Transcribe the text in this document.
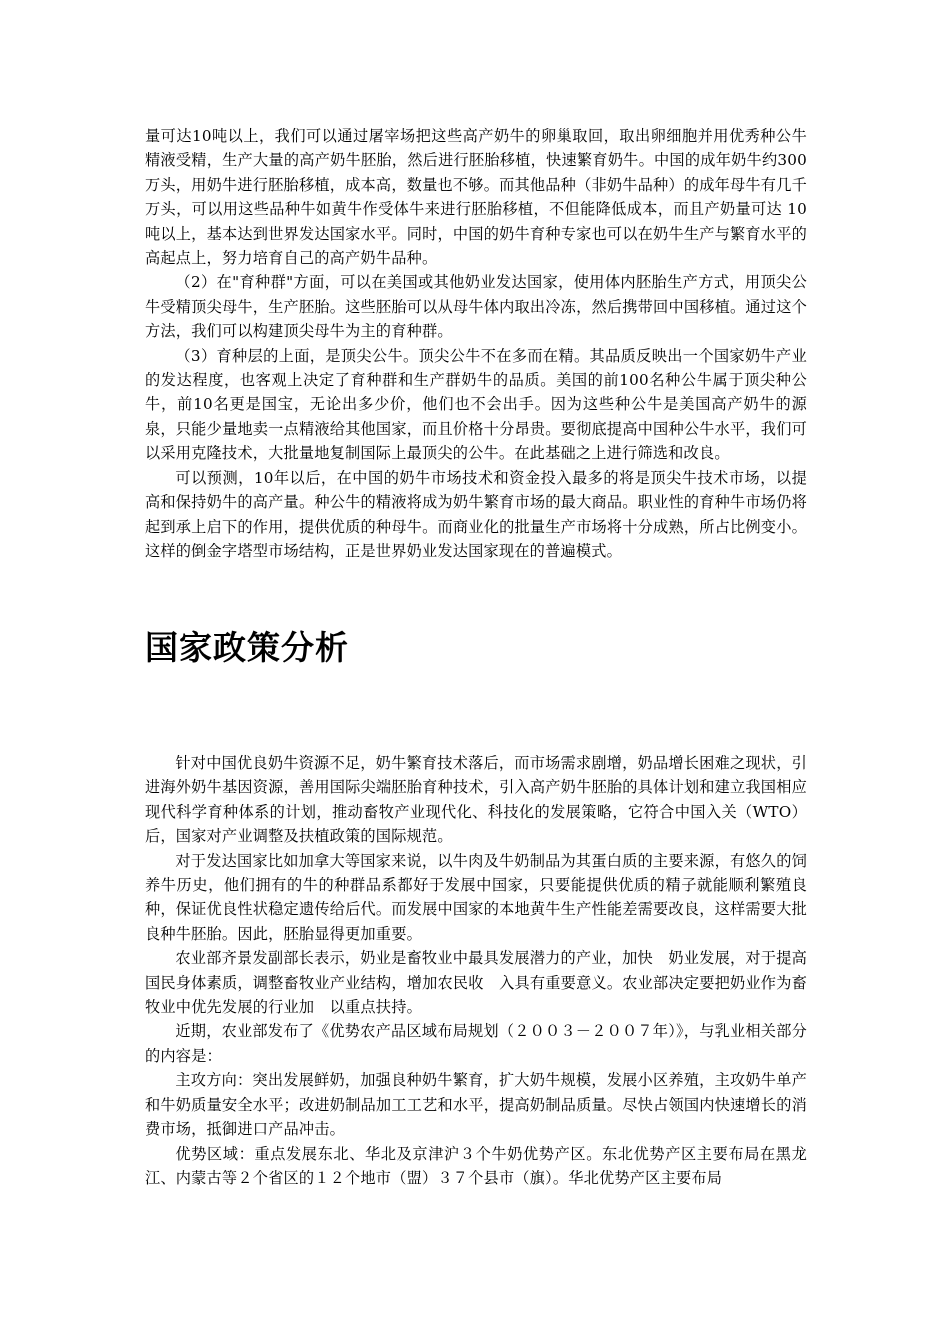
量可达10吨以上，我们可以通过屠宰场把这些高产奶牛的卵巢取回，取出卵细胞并用优秀种公牛精液受精，生产大量的高产奶牛胚胎，然后进行胚胎移植，快速繁育奶牛。中国的成年奶牛约300万头，用奶牛进行胚胎移植，成本高，数量也不够。而其他品种（非奶牛品种）的成年母牛有几千万头，可以用这些品种牛如黄牛作受体牛来进行胚胎移植，不但能降低成本，而且产奶量可达 10吨以上，基本达到世界发达国家水平。同时，中国的奶牛育种专家也可以在奶牛生产与繁育水平的高起点上，努力培育自己的高产奶牛品种。

（2）在"育种群"方面，可以在美国或其他奶业发达国家，使用体内胚胎生产方式，用顶尖公牛受精顶尖母牛，生产胚胎。这些胚胎可以从母牛体内取出冷冻，然后携带回中国移植。通过这个方法，我们可以构建顶尖母牛为主的育种群。

（3）育种层的上面，是顶尖公牛。顶尖公牛不在多而在精。其品质反映出一个国家奶牛产业的发达程度，也客观上决定了育种群和生产群奶牛的品质。美国的前100名种公牛属于顶尖种公牛，前10名更是国宝，无论出多少价，他们也不会出手。因为这些种公牛是美国高产奶牛的源泉，只能少量地卖一点精液给其他国家，而且价格十分昂贵。要彻底提高中国种公牛水平，我们可以采用克隆技术，大批量地复制国际上最顶尖的公牛。在此基础之上进行筛选和改良。

可以预测，10年以后，在中国的奶牛市场技术和资金投入最多的将是顶尖牛技术市场，以提高和保持奶牛的高产量。种公牛的精液将成为奶牛繁育市场的最大商品。职业性的育种牛市场仍将起到承上启下的作用，提供优质的种母牛。而商业化的批量生产市场将十分成熟，所占比例变小。这样的倒金字塔型市场结构，正是世界奶业发达国家现在的普遍模式。

国家政策分析

针对中国优良奶牛资源不足，奶牛繁育技术落后，而市场需求剧增，奶品增长困难之现状，引进海外奶牛基因资源，善用国际尖端胚胎育种技术，引入高产奶牛胚胎的具体计划和建立我国相应现代科学育种体系的计划，推动畜牧产业现代化、科技化的发展策略，它符合中国入关（WTO）后，国家对产业调整及扶植政策的国际规范。

对于发达国家比如加拿大等国家来说，以牛肉及牛奶制品为其蛋白质的主要来源，有悠久的饲养牛历史，他们拥有的牛的种群品系都好于发展中国家，只要能提供优质的精子就能顺利繁殖良种，保证优良性状稳定遗传给后代。而发展中国家的本地黄牛生产性能差需要改良，这样需要大批良种牛胚胎。因此，胚胎显得更加重要。

农业部齐景发副部长表示，奶业是畜牧业中最具发展潜力的产业，加快　奶业发展，对于提高国民身体素质，调整畜牧业产业结构，增加农民收　入具有重要意义。农业部决定要把奶业作为畜牧业中优先发展的行业加　以重点扶持。

近期，农业部发布了《优势农产品区域布局规划（２００３－２００７年）》，与乳业相关部分的内容是：

主攻方向：突出发展鲜奶，加强良种奶牛繁育，扩大奶牛规模，发展小区养殖，主攻奶牛单产和牛奶质量安全水平；改进奶制品加工工艺和水平，提高奶制品质量。尽快占领国内快速增长的消费市场，抵御进口产品冲击。

优势区域：重点发展东北、华北及京津沪３个牛奶优势产区。东北优势产区主要布局在黑龙江、内蒙古等２个省区的１２个地市（盟）３７个县市（旗）。华北优势产区主要布局
